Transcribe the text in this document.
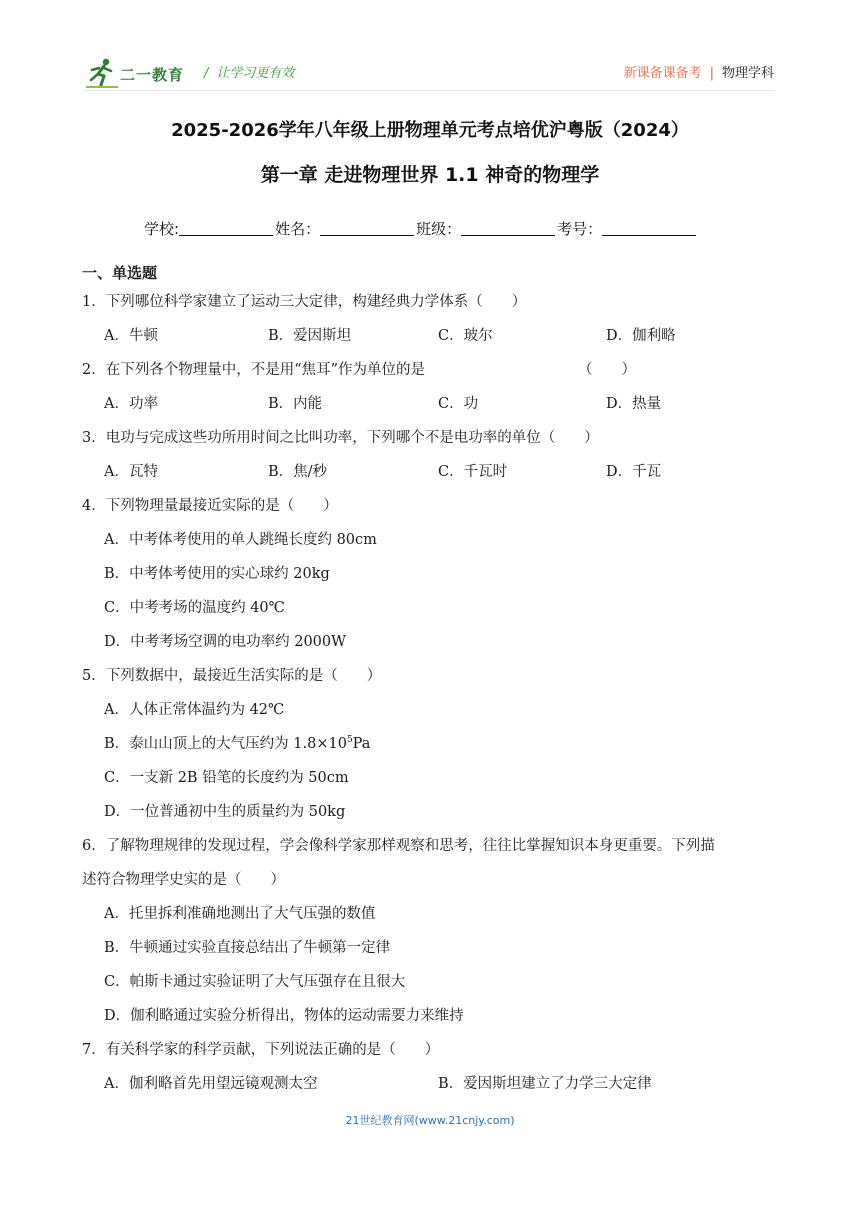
二一教育 / 让学习更有效	新课备课备考 | 物理学科
2025-2026学年八年级上册物理单元考点培优沪粤版（2024）
第一章 走进物理世界 1.1 神奇的物理学
学校:	姓名：	班级：	考号：
一、单选题
1．下列哪位科学家建立了运动三大定律，构建经典力学体系（　　）
A．牛顿	B．爱因斯坦	C．玻尔	D．伽利略
2．在下列各个物理量中，不是用“焦耳”作为单位的是	（　　）
A．功率	B．内能	C．功	D．热量
3．电功与完成这些功所用时间之比叫功率，下列哪个不是电功率的单位（　　）
A．瓦特	B．焦/秒	C．千瓦时	D．千瓦
4．下列物理量最接近实际的是（　　）
A．中考体考使用的单人跳绳长度约 80cm
B．中考体考使用的实心球约 20kg
C．中考考场的温度约 40℃
D．中考考场空调的电功率约 2000W
5．下列数据中，最接近生活实际的是（　　）
A．人体正常体温约为 42℃
B．泰山山顶上的大气压约为 $1.8\times 10^5Pa$
C．一支新 2B 铅笔的长度约为 50cm
D．一位普通初中生的质量约为 50kg
6．了解物理规律的发现过程，学会像科学家那样观察和思考，往往比掌握知识本身更重要。下列描
述符合物理学史实的是（　　）
A．托里拆利准确地测出了大气压强的数值
B．牛顿通过实验直接总结出了牛顿第一定律
C．帕斯卡通过实验证明了大气压强存在且很大
D．伽利略通过实验分析得出，物体的运动需要力来维持
7．有关科学家的科学贡献，下列说法正确的是（　　）
A．伽利略首先用望远镜观测太空	B．爱因斯坦建立了力学三大定律
21世纪教育网(www.21cnjy.com)
